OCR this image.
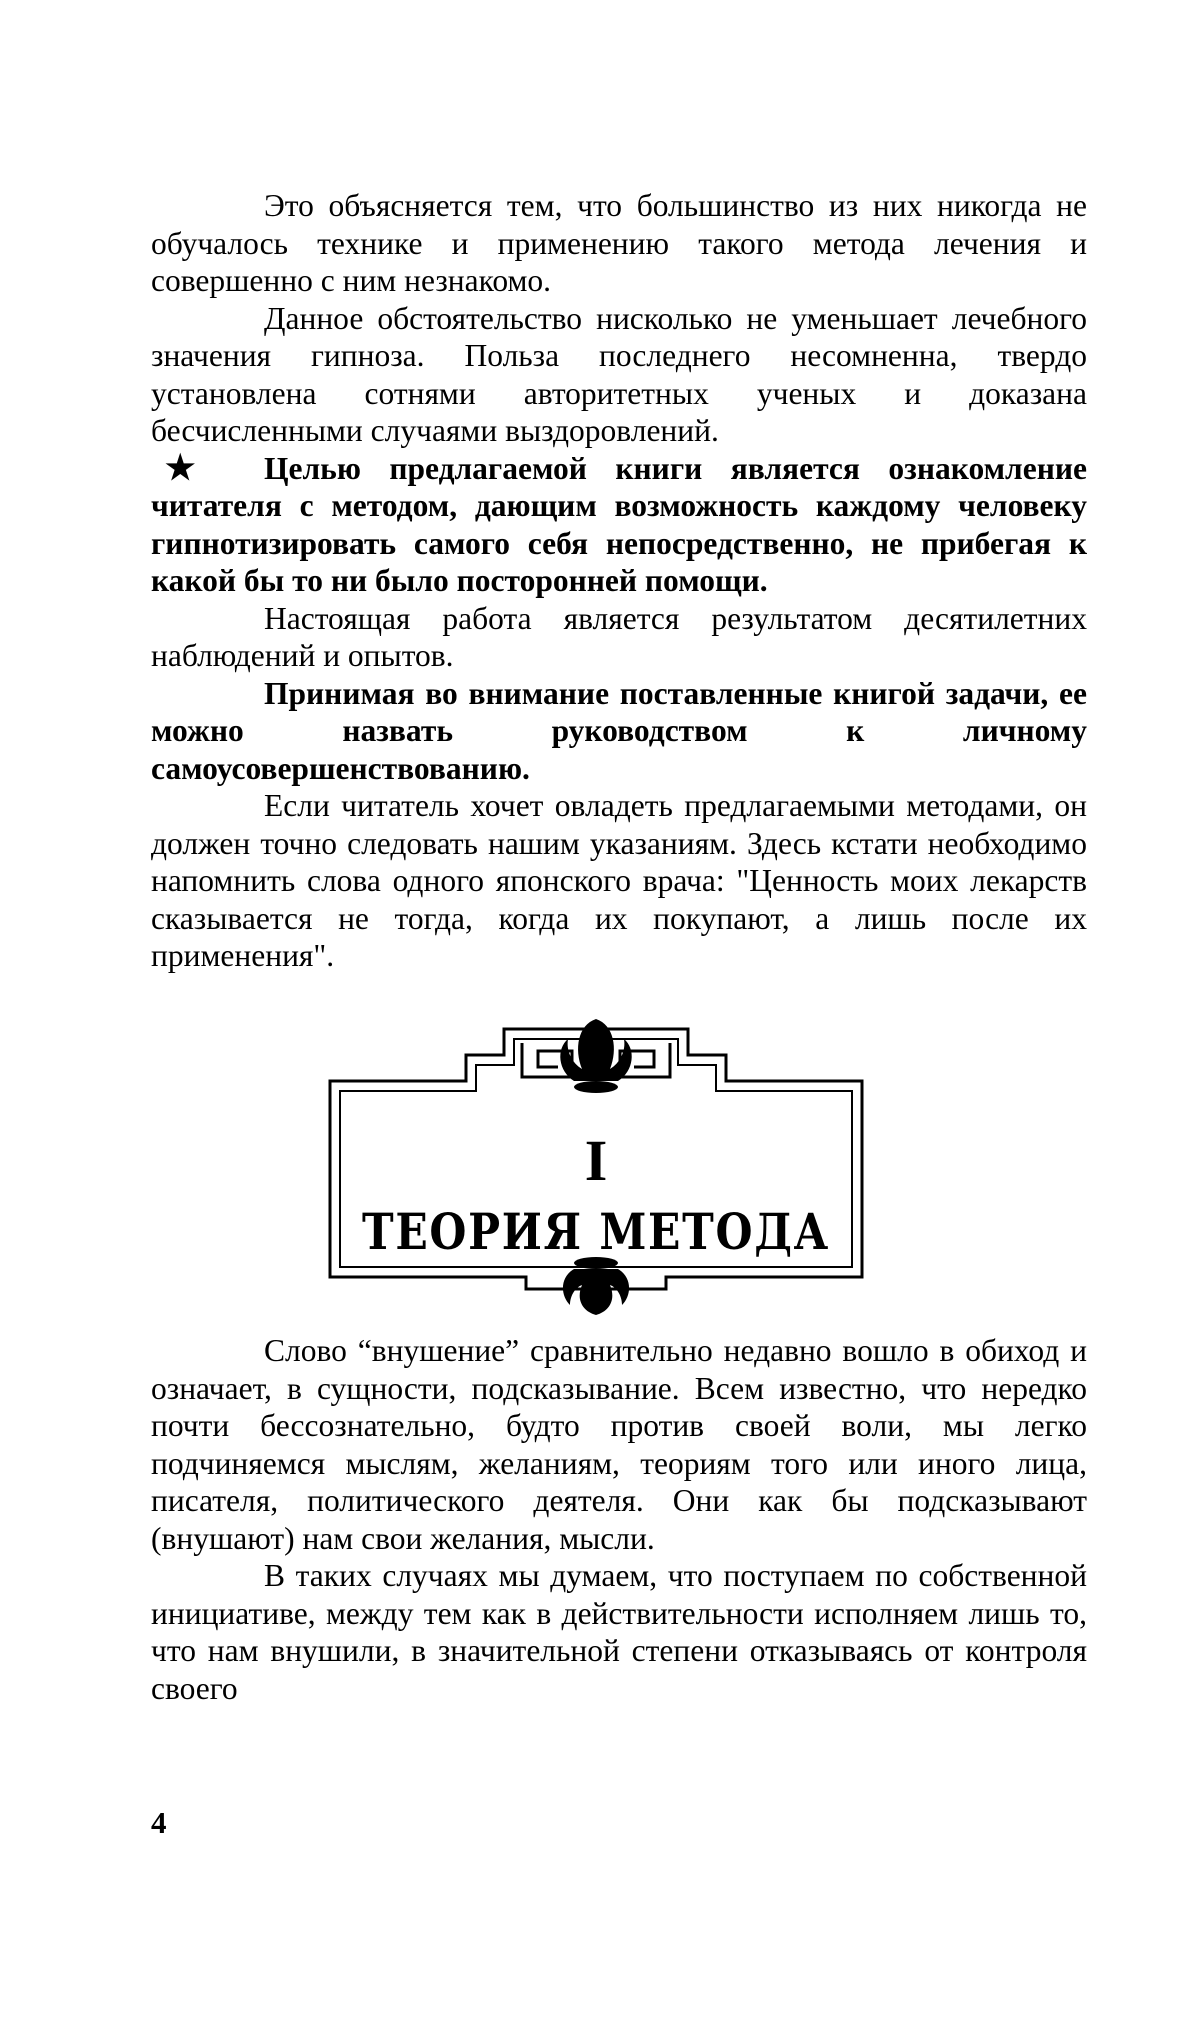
Это объясняется тем, что большинство из них никогда не обучалось технике и применению такого метода лечения и совершенно с ним незнакомо.

Данное обстоятельство нисколько не уменьшает лечебного значения гипноза. Польза последнего несомненна, твердо установлена сотнями авторитетных ученых и доказана бесчисленными случаями выздоровлений.

★ Целью предлагаемой книги является ознакомление читателя с методом, дающим возможность каждому человеку гипнотизировать самого себя непосредственно, не прибегая к какой бы то ни было посторонней помощи.

Настоящая работа является результатом десятилетних наблюдений и опытов.

Принимая во внимание поставленные книгой задачи, ее можно назвать руководством к личному самоусовершенствованию.

Если читатель хочет овладеть предлагаемыми методами, он должен точно следовать нашим указаниям. Здесь кстати необходимо напомнить слова одного японского врача: "Ценность моих лекарств сказывается не тогда, когда их покупают, а лишь после их применения".

I
ТЕОРИЯ МЕТОДА

Слово “внушение” сравнительно недавно вошло в обиход и означает, в сущности, подсказывание. Всем известно, что нередко почти бессознательно, будто против своей воли, мы легко подчиняемся мыслям, желаниям, теориям того или иного лица, писателя, политического деятеля. Они как бы подсказывают (внушают) нам свои желания, мысли.

В таких случаях мы думаем, что поступаем по собственной инициативе, между тем как в действительности исполняем лишь то, что нам внушили, в значительной степени отказываясь от контроля своего

4
